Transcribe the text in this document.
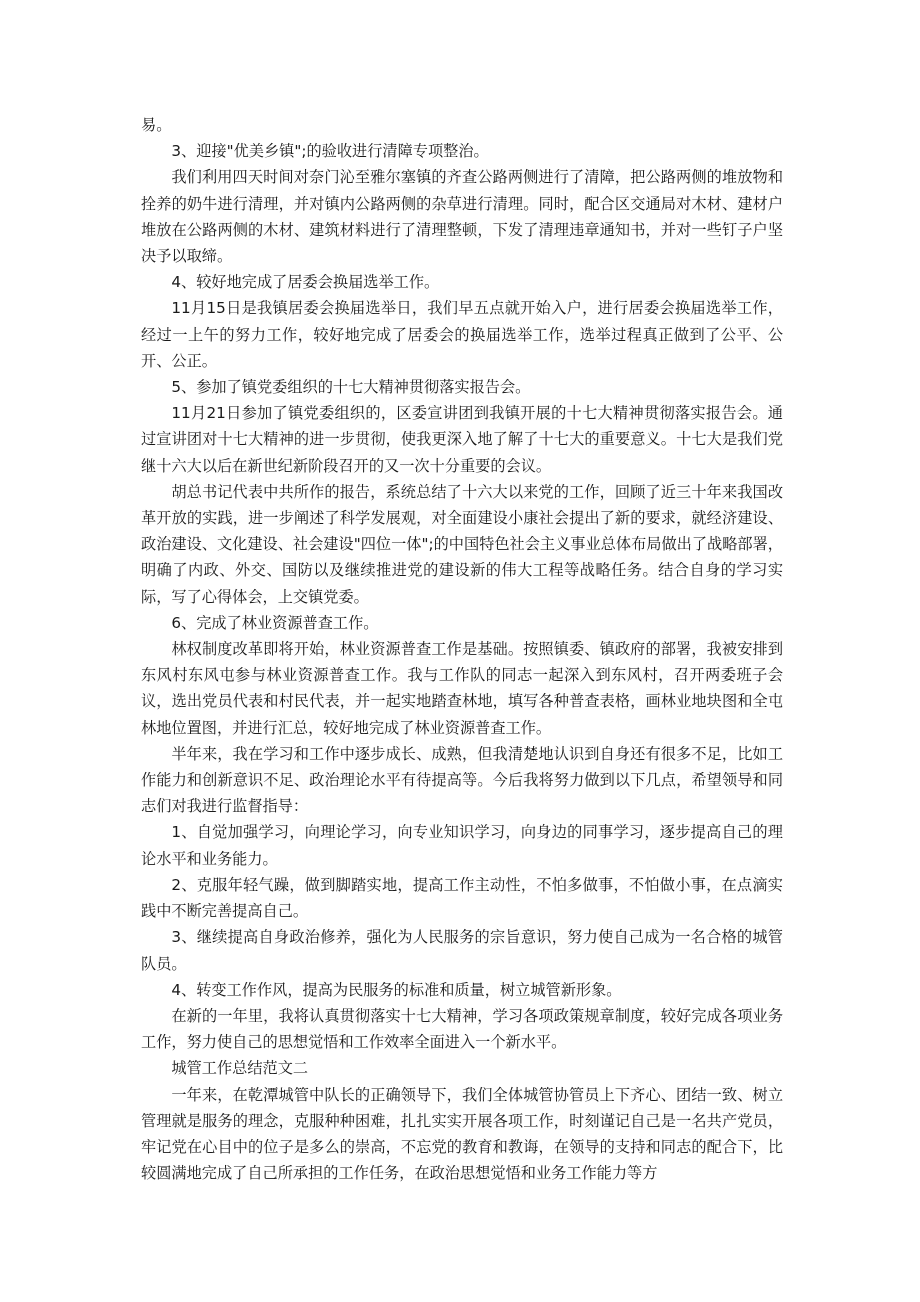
易。

3、迎接"优美乡镇";的验收进行清障专项整治。

我们利用四天时间对奈门沁至雅尔塞镇的齐查公路两侧进行了清障，把公路两侧的堆放物和拴养的奶牛进行清理，并对镇内公路两侧的杂草进行清理。同时，配合区交通局对木材、建材户堆放在公路两侧的木材、建筑材料进行了清理整顿，下发了清理违章通知书，并对一些钉子户坚决予以取缔。

4、较好地完成了居委会换届选举工作。

11月15日是我镇居委会换届选举日，我们早五点就开始入户，进行居委会换届选举工作，经过一上午的努力工作，较好地完成了居委会的换届选举工作，选举过程真正做到了公平、公开、公正。

5、参加了镇党委组织的十七大精神贯彻落实报告会。

11月21日参加了镇党委组织的，区委宣讲团到我镇开展的十七大精神贯彻落实报告会。通过宣讲团对十七大精神的进一步贯彻，使我更深入地了解了十七大的重要意义。十七大是我们党继十六大以后在新世纪新阶段召开的又一次十分重要的会议。

胡总书记代表中共所作的报告，系统总结了十六大以来党的工作，回顾了近三十年来我国改革开放的实践，进一步阐述了科学发展观，对全面建设小康社会提出了新的要求，就经济建设、政治建设、文化建设、社会建设"四位一体";的中国特色社会主义事业总体布局做出了战略部署，明确了内政、外交、国防以及继续推进党的建设新的伟大工程等战略任务。结合自身的学习实际，写了心得体会，上交镇党委。

6、完成了林业资源普查工作。

林权制度改革即将开始，林业资源普查工作是基础。按照镇委、镇政府的部署，我被安排到东风村东风屯参与林业资源普查工作。我与工作队的同志一起深入到东风村，召开两委班子会议，选出党员代表和村民代表，并一起实地踏查林地，填写各种普查表格，画林业地块图和全屯林地位置图，并进行汇总，较好地完成了林业资源普查工作。

半年来，我在学习和工作中逐步成长、成熟，但我清楚地认识到自身还有很多不足，比如工作能力和创新意识不足、政治理论水平有待提高等。今后我将努力做到以下几点，希望领导和同志们对我进行监督指导：

1、自觉加强学习，向理论学习，向专业知识学习，向身边的同事学习，逐步提高自己的理论水平和业务能力。

2、克服年轻气躁，做到脚踏实地，提高工作主动性，不怕多做事，不怕做小事，在点滴实践中不断完善提高自己。

3、继续提高自身政治修养，强化为人民服务的宗旨意识，努力使自己成为一名合格的城管队员。

4、转变工作作风，提高为民服务的标准和质量，树立城管新形象。

在新的一年里，我将认真贯彻落实十七大精神，学习各项政策规章制度，较好完成各项业务工作，努力使自己的思想觉悟和工作效率全面进入一个新水平。

城管工作总结范文二

一年来，在乾潭城管中队长的正确领导下，我们全体城管协管员上下齐心、团结一致、树立管理就是服务的理念，克服种种困难，扎扎实实开展各项工作，时刻谨记自己是一名共产党员，牢记党在心目中的位子是多么的崇高，不忘党的教育和教诲，在领导的支持和同志的配合下，比较圆满地完成了自己所承担的工作任务，在政治思想觉悟和业务工作能力等方
